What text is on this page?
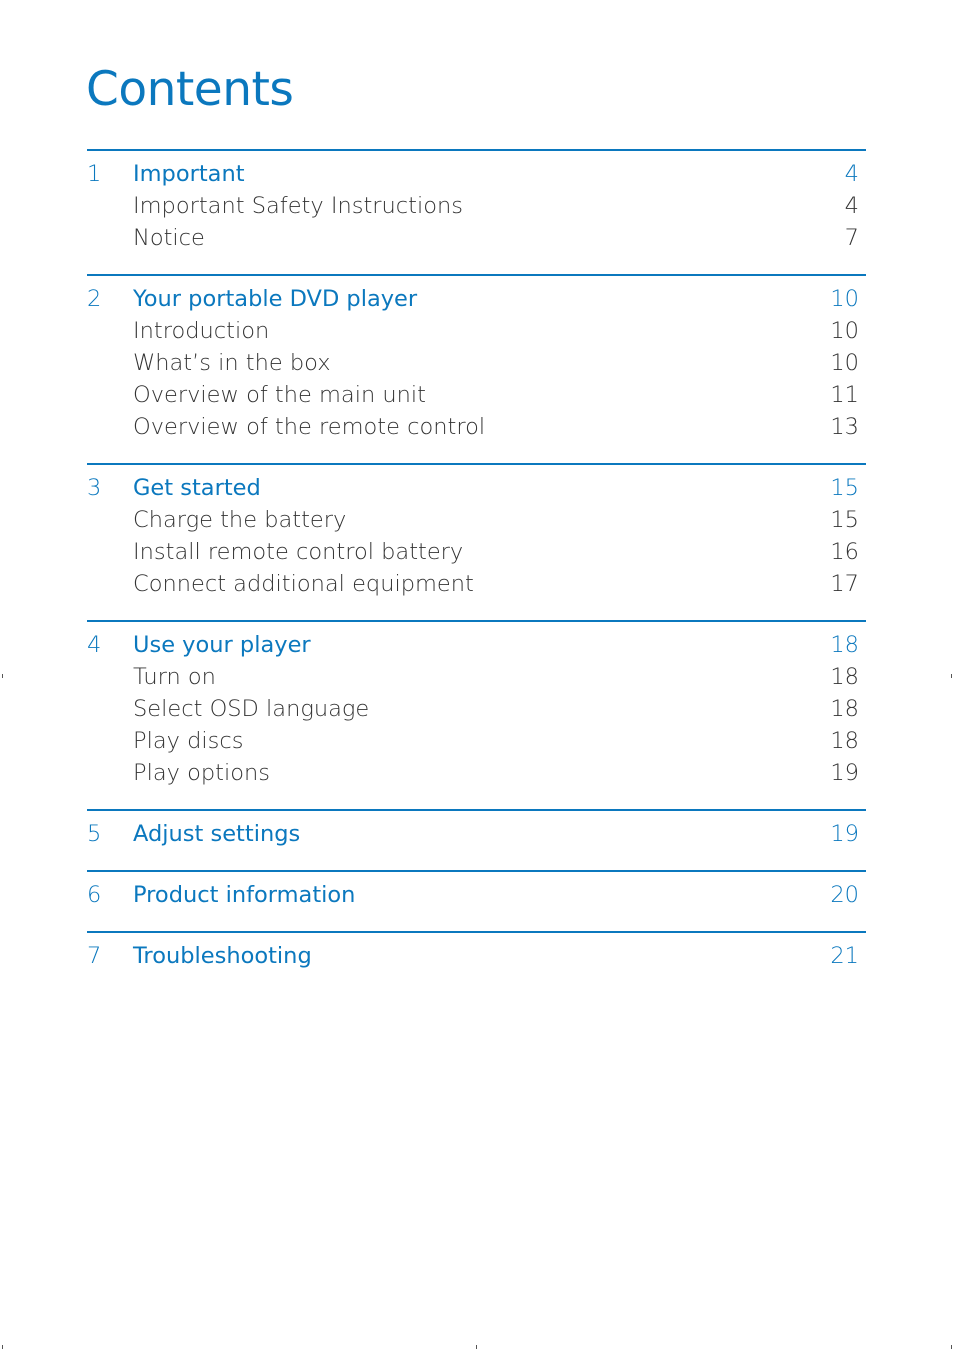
Contents
1 Important	4
Important Safety Instructions	4
Notice	7
2 Your portable DVD player	10
Introduction	10
What’s in the box	10
Overview of the main unit	11
Overview of the remote control	13
3 Get started	15
Charge the battery	15
Install remote control battery	16
Connect additional equipment	17
4 Use your player	18
Turn on	18
Select OSD language	18
Play discs	18
Play options	19
5 Adjust settings	19
6 Product information	20
7 Troubleshooting	21
